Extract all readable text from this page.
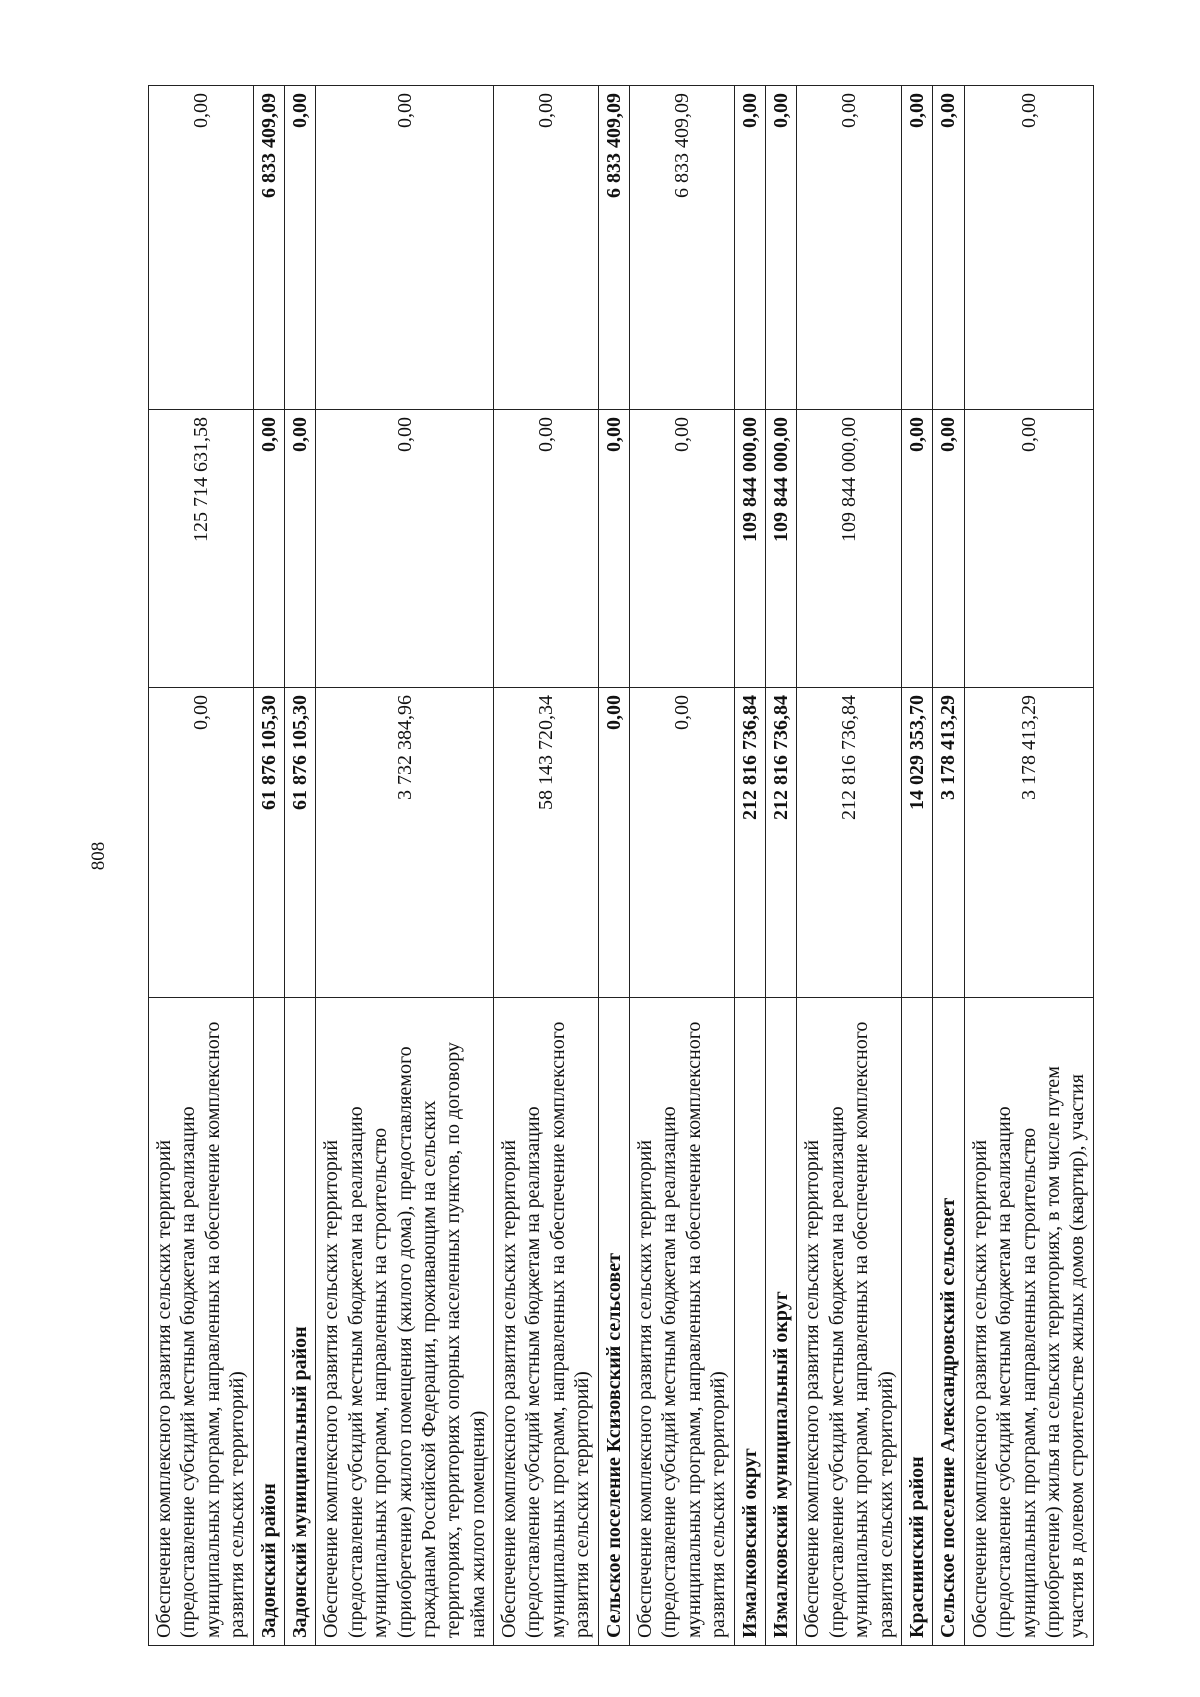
808
Обеспечение комплексного развития сельских территорий (предоставление субсидий местным бюджетам на реализацию муниципальных программ, направленных на обеспечение комплексного развития сельских территорий)	0,00	125 714 631,58	0,00
Задонский район	61 876 105,30	0,00	6 833 409,09
Задонский муниципальный район	61 876 105,30	0,00	0,00
Обеспечение комплексного развития сельских территорий (предоставление субсидий местным бюджетам на реализацию муниципальных программ, направленных на строительство (приобретение) жилого помещения (жилого дома), предоставляемого гражданам Российской Федерации, проживающим на сельских территориях, территориях опорных населенных пунктов, по договору найма жилого помещения)	3 732 384,96	0,00	0,00
Обеспечение комплексного развития сельских территорий (предоставление субсидий местным бюджетам на реализацию муниципальных программ, направленных на обеспечение комплексного развития сельских территорий)	58 143 720,34	0,00	0,00
Сельское поселение Ксизовский сельсовет	0,00	0,00	6 833 409,09
Обеспечение комплексного развития сельских территорий (предоставление субсидий местным бюджетам на реализацию муниципальных программ, направленных на обеспечение комплексного развития сельских территорий)	0,00	0,00	6 833 409,09
Измалковский округ	212 816 736,84	109 844 000,00	0,00
Измалковский муниципальный округ	212 816 736,84	109 844 000,00	0,00
Обеспечение комплексного развития сельских территорий (предоставление субсидий местным бюджетам на реализацию муниципальных программ, направленных на обеспечение комплексного развития сельских территорий)	212 816 736,84	109 844 000,00	0,00
Краснинский район	14 029 353,70	0,00	0,00
Сельское поселение Александровский сельсовет	3 178 413,29	0,00	0,00
Обеспечение комплексного развития сельских территорий (предоставление субсидий местным бюджетам на реализацию муниципальных программ, направленных на строительство (приобретение) жилья на сельских территориях, в том числе путем участия в долевом строительстве жилых домов (квартир), участия	3 178 413,29	0,00	0,00
